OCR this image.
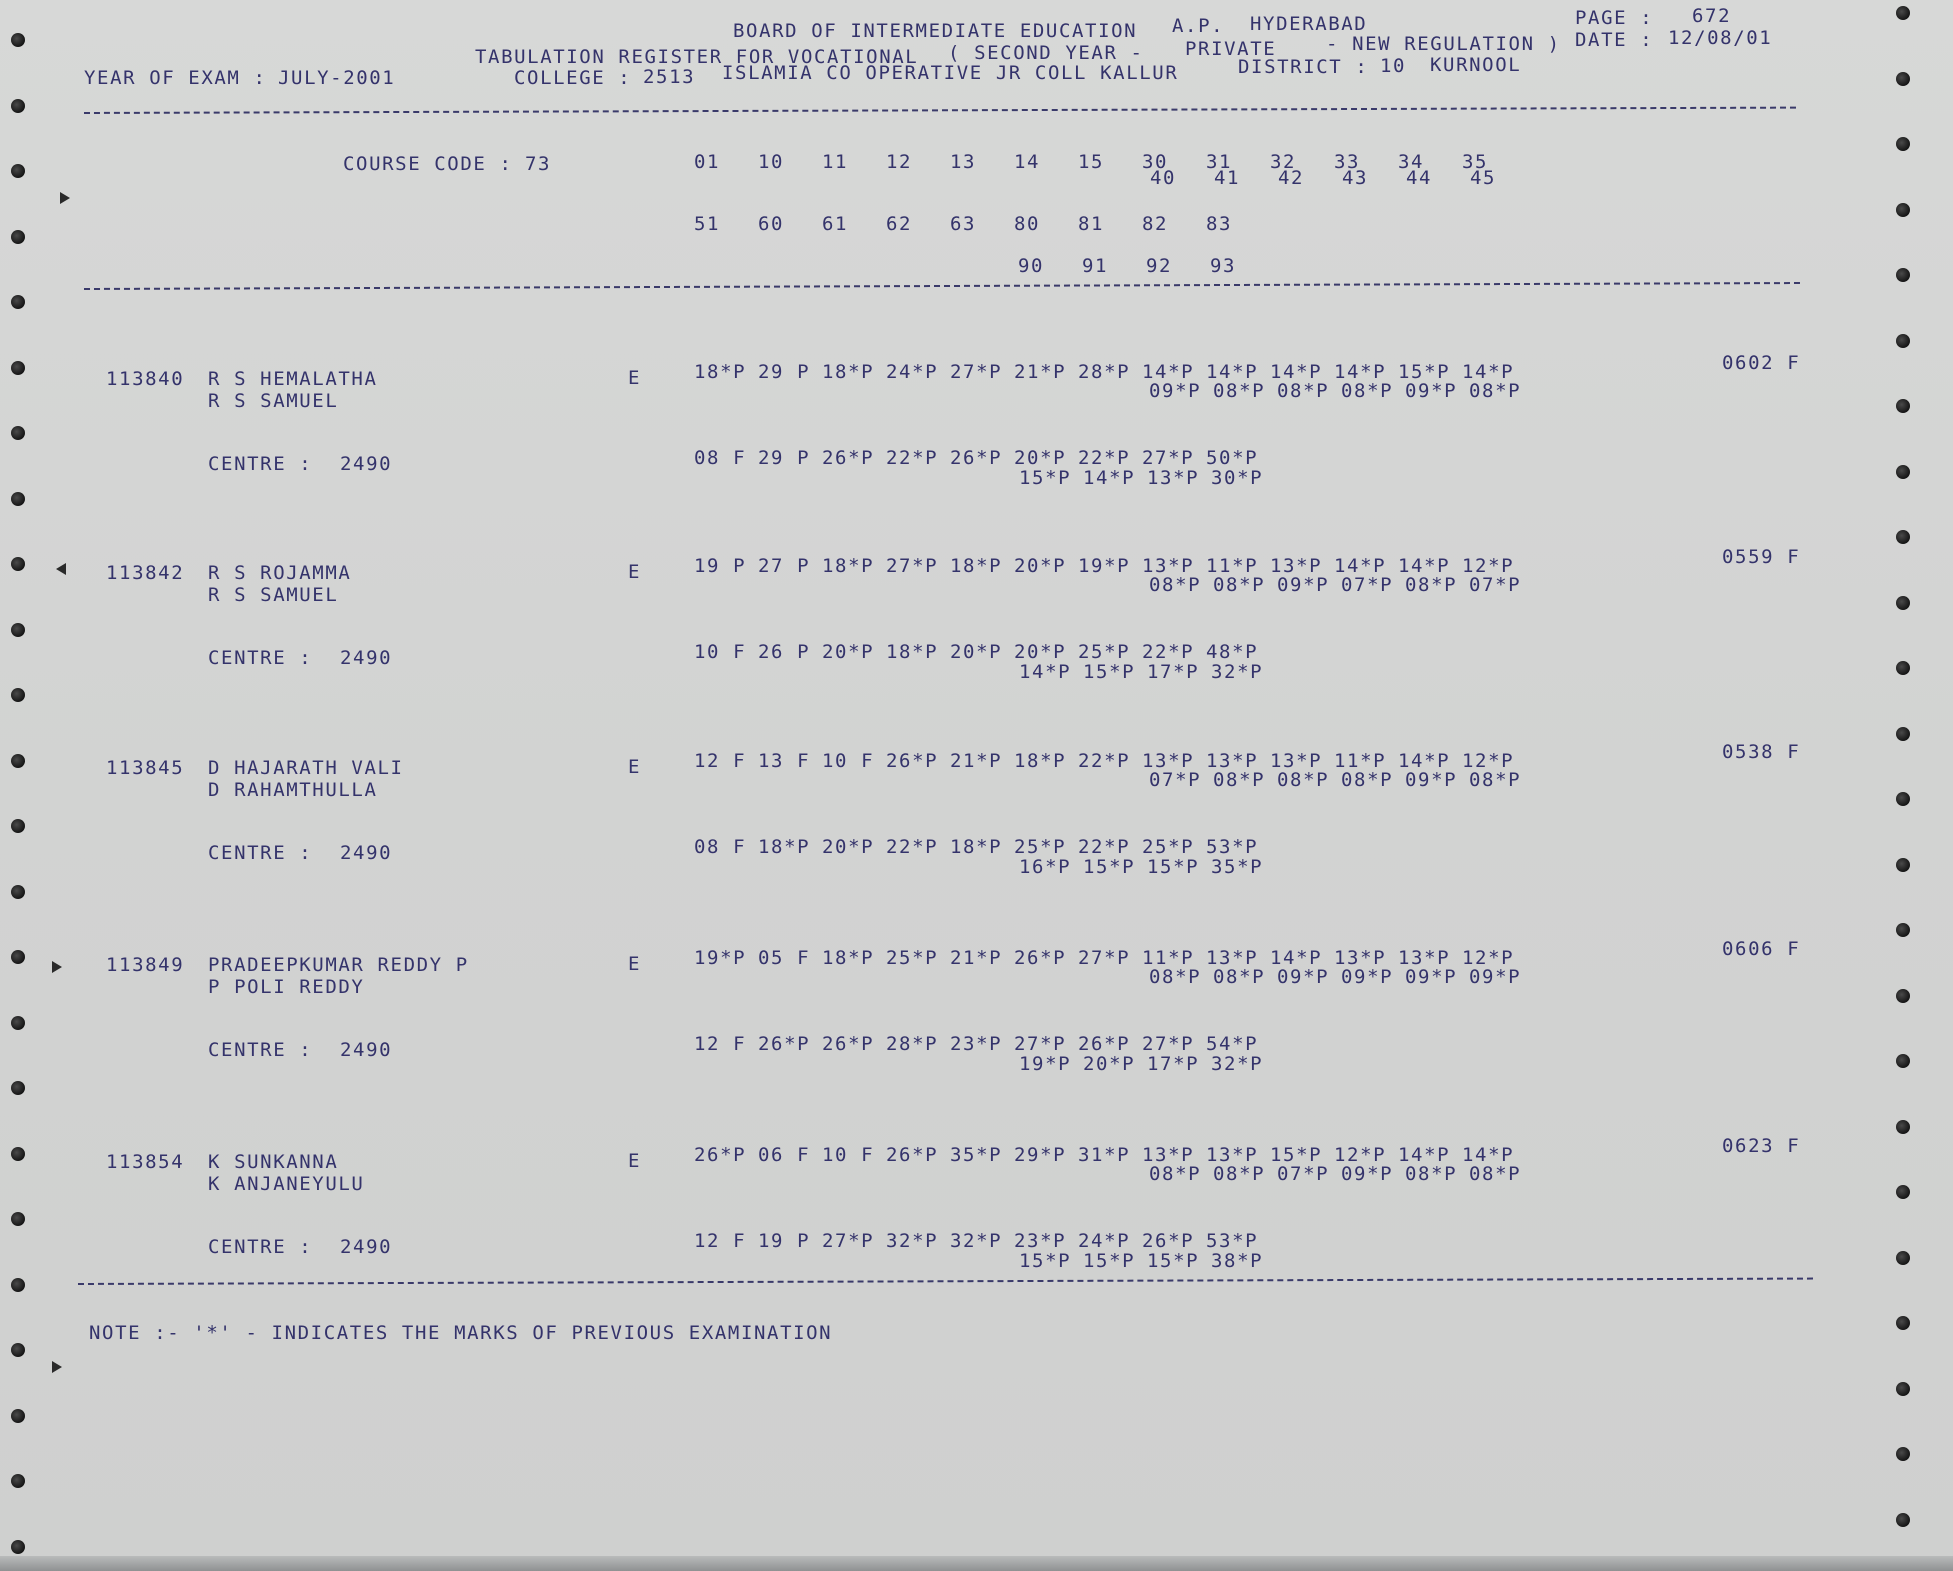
BOARD OF INTERMEDIATE EDUCATION A.P. HYDERABAD	PAGE : 672
TABULATION REGISTER FOR VOCATIONAL ( SECOND YEAR - PRIVATE	- NEW REGULATION ) DATE : 12/08/01
YEAR OF EXAM : JULY-2001	COLLEGE : 2513 ISLAMIA CO OPERATIVE JR COLL KALLUR	DISTRICT : 10 KURNOOL
COURSE CODE : 73	01 10 11 12 13 14 15 30 31 32 33 34 35
40 41 42 43 44 45
51 60 61 62 63 80 81 82 83
90 91 92 93
113840 R S HEMALATHA
R S SAMUEL
E	18*P 29 P 18*P 24*P 27*P 21*P 28*P 14*P 14*P 14*P 14*P 15*P 14*P
09*P 08*P 08*P 08*P 09*P 08*P
CENTRE : 2490	08 F 29 P 26*P 22*P 26*P 20*P 22*P 27*P 50*P
15*P 14*P 13*P 30*P
0602 F
113842 R S ROJAMMA
R S SAMUEL
E	19 P 27 P 18*P 27*P 18*P 20*P 19*P 13*P 11*P 13*P 14*P 14*P 12*P
08*P 08*P 09*P 07*P 08*P 07*P
CENTRE : 2490	10 F 26 P 20*P 18*P 20*P 20*P 25*P 22*P 48*P
14*P 15*P 17*P 32*P
0559 F
113845 D HAJARATH VALI
D RAHAMTHULLA
E	12 F 13 F 10 F 26*P 21*P 18*P 22*P 13*P 13*P 13*P 11*P 14*P 12*P
07*P 08*P 08*P 08*P 09*P 08*P
CENTRE : 2490	08 F 18*P 20*P 22*P 18*P 25*P 22*P 25*P 53*P
16*P 15*P 15*P 35*P
0538 F
113849 PRADEEPKUMAR REDDY P
P POLI REDDY
E	19*P 05 F 18*P 25*P 21*P 26*P 27*P 11*P 13*P 14*P 13*P 13*P 12*P
08*P 08*P 09*P 09*P 09*P 09*P
CENTRE : 2490	12 F 26*P 26*P 28*P 23*P 27*P 26*P 27*P 54*P
19*P 20*P 17*P 32*P
0606 F
113854 K SUNKANNA
K ANJANEYULU
E	26*P 06 F 10 F 26*P 35*P 29*P 31*P 13*P 13*P 15*P 12*P 14*P 14*P
08*P 08*P 07*P 09*P 08*P 08*P
CENTRE : 2490	12 F 19 P 27*P 32*P 32*P 23*P 24*P 26*P 53*P
15*P 15*P 15*P 38*P
0623 F
NOTE :- '*' - INDICATES THE MARKS OF PREVIOUS EXAMINATION
